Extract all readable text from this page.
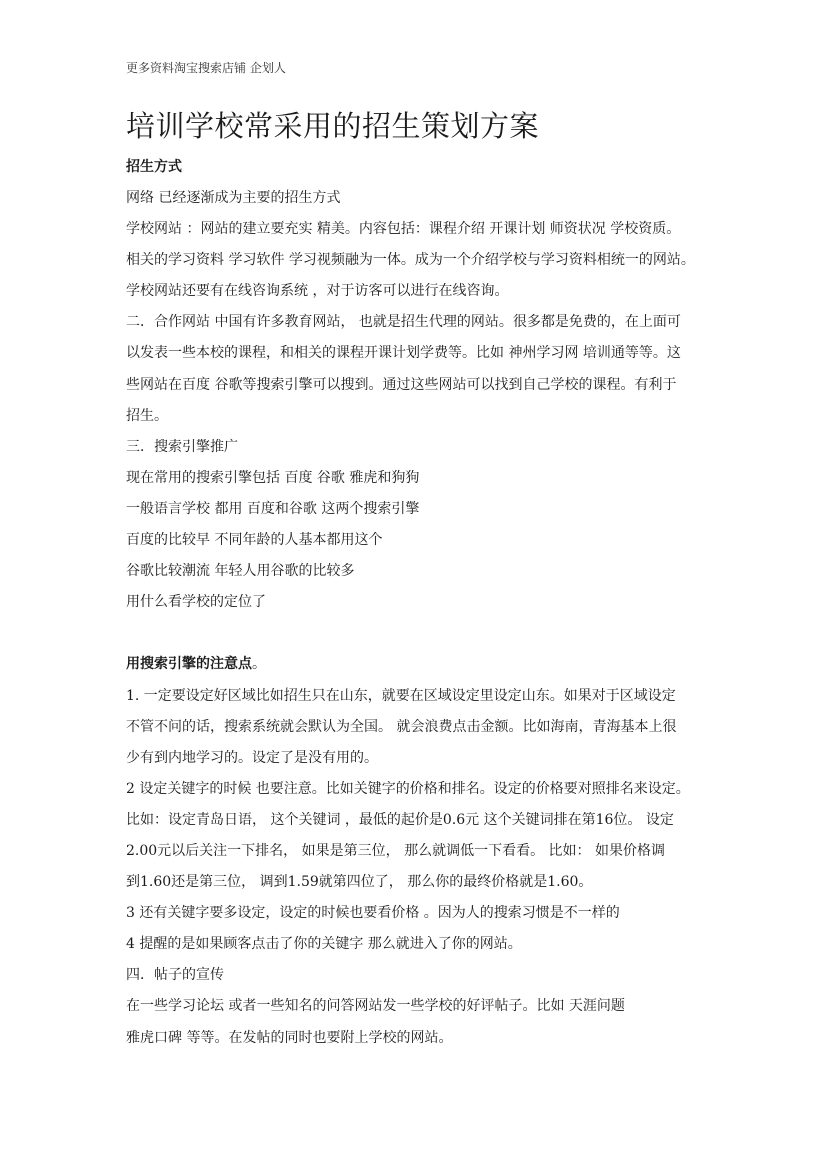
更多资料淘宝搜索店铺 企划人
培训学校常采用的招生策划方案
招生方式
网络 已经逐渐成为主要的招生方式
学校网站 ：网站的建立要充实 精美。内容包括：课程介绍 开课计划 师资状况 学校资质。
相关的学习资料 学习软件 学习视频融为一体。成为一个介绍学校与学习资料相统一的网站。
学校网站还要有在线咨询系统 ，对于访客可以进行在线咨询。
二．合作网站 中国有许多教育网站， 也就是招生代理的网站。很多都是免费的，在上面可
以发表一些本校的课程，和相关的课程开课计划学费等。比如 神州学习网 培训通等等。这
些网站在百度 谷歌等搜索引擎可以搜到。通过这些网站可以找到自己学校的课程。有利于
招生。
三．搜索引擎推广
现在常用的搜索引擎包括 百度 谷歌 雅虎和狗狗
一般语言学校 都用 百度和谷歌 这两个搜索引擎
百度的比较早 不同年龄的人基本都用这个
谷歌比较潮流 年轻人用谷歌的比较多
用什么看学校的定位了
用搜索引擎的注意点。
1. 一定要设定好区域比如招生只在山东，就要在区域设定里设定山东。如果对于区域设定
不管不问的话，搜索系统就会默认为全国。 就会浪费点击金额。比如海南，青海基本上很
少有到内地学习的。设定了是没有用的。
2 设定关键字的时候 也要注意。比如关键字的价格和排名。设定的价格要对照排名来设定。
比如：设定青岛日语， 这个关键词 ，最低的起价是0.6元 这个关键词排在第16位。 设定
2.00元以后关注一下排名， 如果是第三位， 那么就调低一下看看。 比如： 如果价格调
到1.60还是第三位， 调到1.59就第四位了， 那么你的最终价格就是1.60。
3 还有关键字要多设定，设定的时候也要看价格 。因为人的搜索习惯是不一样的
4 提醒的是如果顾客点击了你的关键字 那么就进入了你的网站。
四．帖子的宣传
在一些学习论坛 或者一些知名的问答网站发一些学校的好评帖子。比如 天涯问题
雅虎口碑 等等。在发帖的同时也要附上学校的网站。
